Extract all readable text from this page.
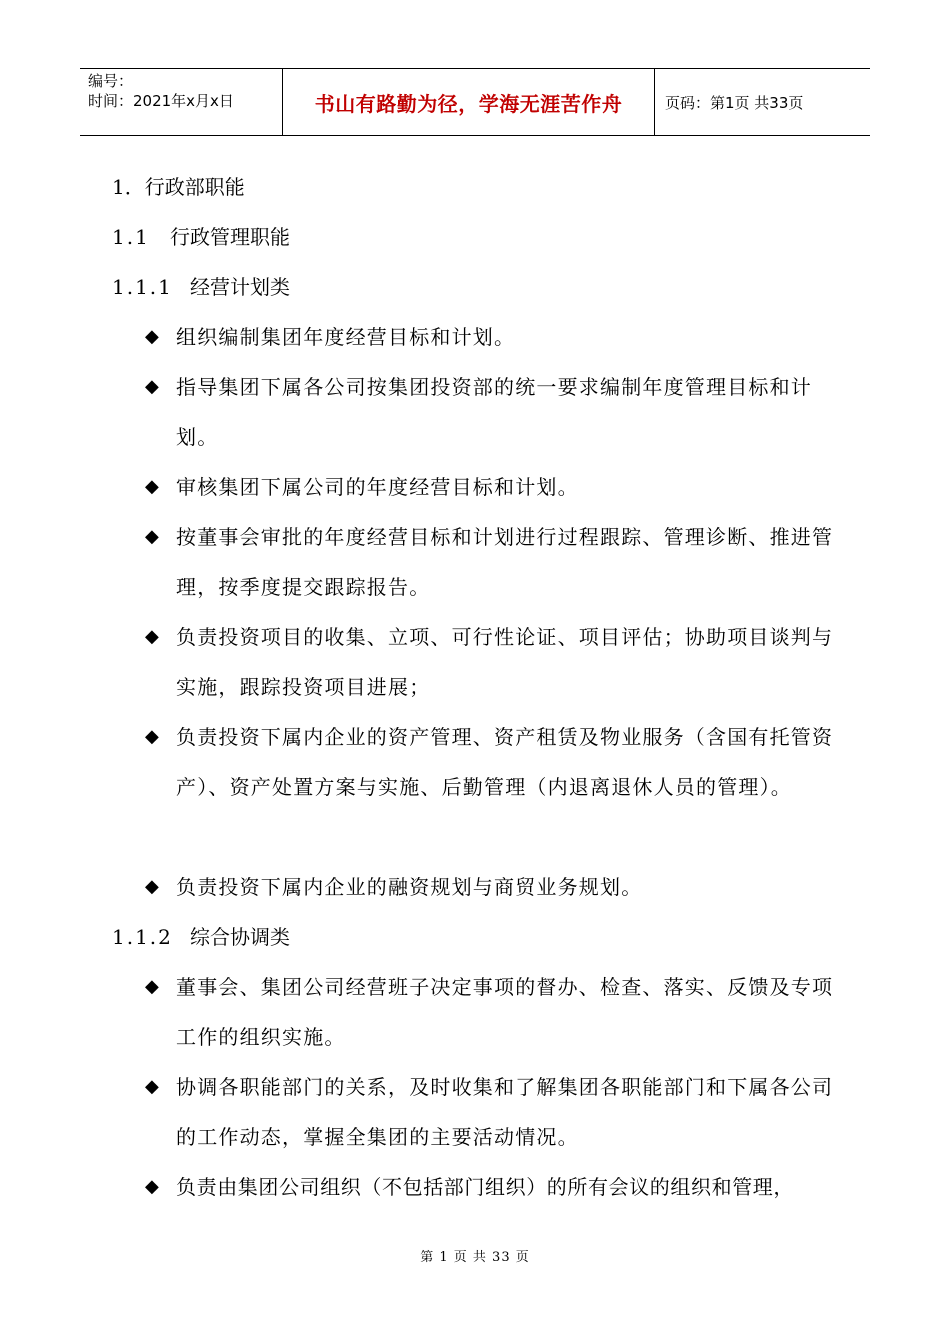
编号：
时间：2021年x月x日	书山有路勤为径，学海无涯苦作舟	页码：第1页 共33页
1．行政部职能
1.1 行政管理职能
1.1.1 经营计划类
◆ 组织编制集团年度经营目标和计划。
◆ 指导集团下属各公司按集团投资部的统一要求编制年度管理目标和计划。
◆ 审核集团下属公司的年度经营目标和计划。
◆ 按董事会审批的年度经营目标和计划进行过程跟踪、管理诊断、推进管理，按季度提交跟踪报告。
◆ 负责投资项目的收集、立项、可行性论证、项目评估；协助项目谈判与实施，跟踪投资项目进展；
◆ 负责投资下属内企业的资产管理、资产租赁及物业服务（含国有托管资产）、资产处置方案与实施、后勤管理（内退离退休人员的管理）。
◆ 负责投资下属内企业的融资规划与商贸业务规划。
1.1.2 综合协调类
◆ 董事会、集团公司经营班子决定事项的督办、检查、落实、反馈及专项工作的组织实施。
◆ 协调各职能部门的关系，及时收集和了解集团各职能部门和下属各公司的工作动态，掌握全集团的主要活动情况。
◆ 负责由集团公司组织（不包括部门组织）的所有会议的组织和管理，
第 1 页 共 33 页
